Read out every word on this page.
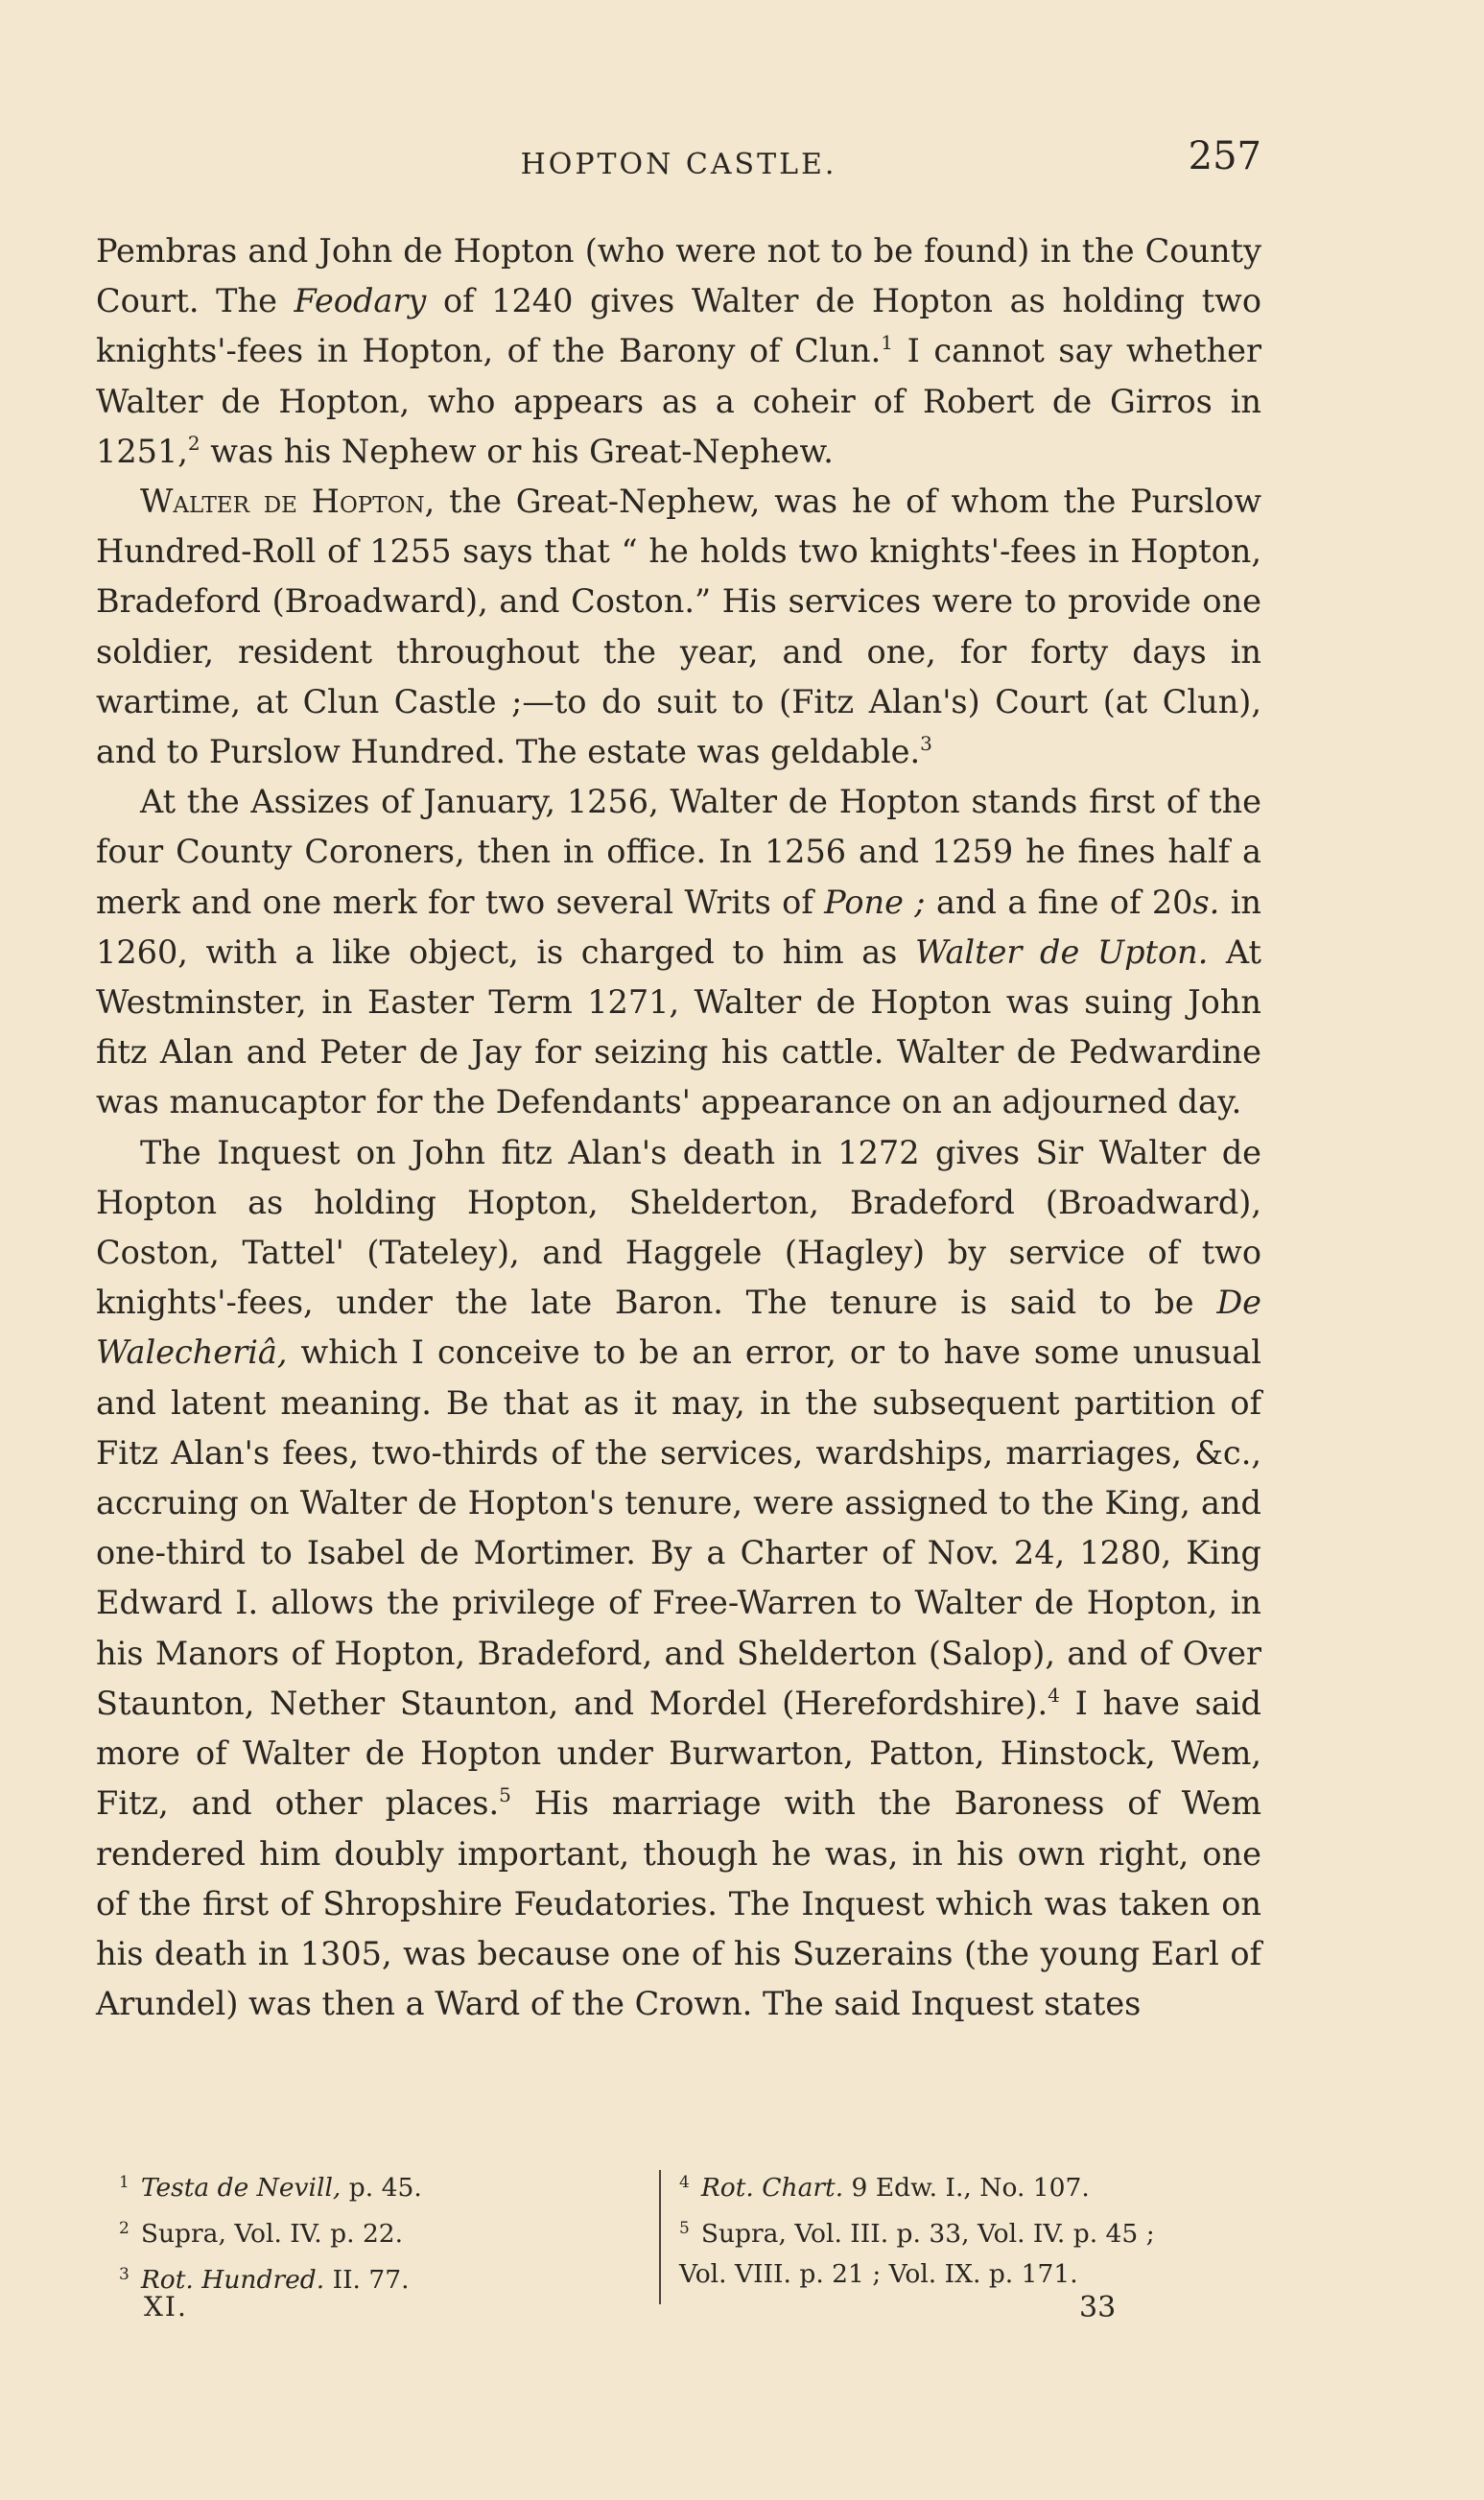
HOPTON CASTLE.	257

Pembras and John de Hopton (who were not to be found) in the County Court. The Feodary of 1240 gives Walter de Hopton as holding two knights'-fees in Hopton, of the Barony of Clun.$^1$ I cannot say whether Walter de Hopton, who appears as a coheir of Robert de Girros in 1251,$^2$ was his Nephew or his Great-Nephew.

Walter de Hopton, the Great-Nephew, was he of whom the Purslow Hundred-Roll of 1255 says that “ he holds two knights'-fees in Hopton, Bradeford (Broadward), and Coston.” His services were to provide one soldier, resident throughout the year, and one, for forty days in wartime, at Clun Castle ;—to do suit to (Fitz Alan's) Court (at Clun), and to Purslow Hundred. The estate was geldable.$^3$

At the Assizes of January, 1256, Walter de Hopton stands first of the four County Coroners, then in office. In 1256 and 1259 he fines half a merk and one merk for two several Writs of Pone ; and a fine of 20s. in 1260, with a like object, is charged to him as Walter de Upton. At Westminster, in Easter Term 1271, Walter de Hopton was suing John fitz Alan and Peter de Jay for seizing his cattle. Walter de Pedwardine was manucaptor for the Defendants' appearance on an adjourned day.

The Inquest on John fitz Alan's death in 1272 gives Sir Walter de Hopton as holding Hopton, Shelderton, Bradeford (Broadward), Coston, Tattel' (Tateley), and Haggele (Hagley) by service of two knights'-fees, under the late Baron. The tenure is said to be De Walecheriâ, which I conceive to be an error, or to have some unusual and latent meaning. Be that as it may, in the subsequent partition of Fitz Alan's fees, two-thirds of the services, wardships, marriages, &c., accruing on Walter de Hopton's tenure, were assigned to the King, and one-third to Isabel de Mortimer. By a Charter of Nov. 24, 1280, King Edward I. allows the privilege of Free-Warren to Walter de Hopton, in his Manors of Hopton, Bradeford, and Shelderton (Salop), and of Over Staunton, Nether Staunton, and Mordel (Herefordshire).$^4$ I have said more of Walter de Hopton under Burwarton, Patton, Hinstock, Wem, Fitz, and other places.$^5$ His marriage with the Baroness of Wem rendered him doubly important, though he was, in his own right, one of the first of Shropshire Feudatories. The Inquest which was taken on his death in 1305, was because one of his Suzerains (the young Earl of Arundel) was then a Ward of the Crown. The said Inquest states

$^1$ Testa de Nevill, p. 45.
$^2$ Supra, Vol. IV. p. 22.
$^3$ Rot. Hundred. II. 77.
$^4$ Rot. Chart. 9 Edw. I., No. 107.
$^5$ Supra, Vol. III. p. 33, Vol. IV. p. 45 ;
Vol. VIII. p. 21 ; Vol. IX. p. 171.
XI.	33
